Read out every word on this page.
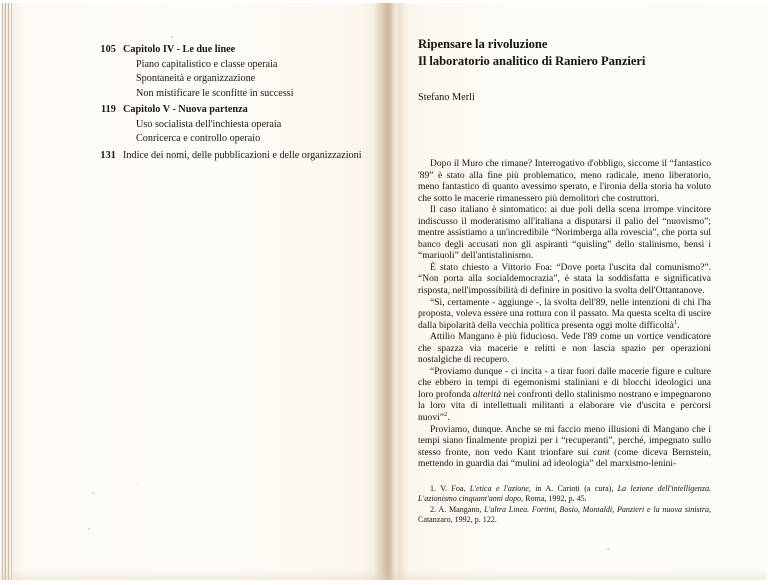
105 Capitolo IV - Le due linee
Piano capitalistico e classe operaia
Spontaneità e organizzazione
Non mistificare le sconfitte in successi
119 Capitolo V - Nuova partenza
Uso socialista dell'inchiesta operaia
Conricerca e controllo operaio
131 Indice dei nomi, delle pubblicazioni e delle organizzazioni
Ripensare la rivoluzione
Il laboratorio analitico di Raniero Panzieri
Stefano Merli

Dopo il Muro che rimane? Interrogativo d'obbligo, siccome il “fantastico '89” è stato alla fine più problematico, meno radicale, meno liberatorio, meno fantastico di quanto avessimo sperato, e l'ironia della storia ha voluto che sotto le macerie rimanessero più demolitori che costruttori.

Il caso italiano è sintomatico: ai due poli della scena irrompe vincitore indiscusso il moderatismo all'italiana a disputarsi il palio del “nuovismo”; mentre assistiamo a un'incredibile “Norimberga alla rovescia”, che porta sul banco degli accusati non gli aspiranti “quisling” dello stalinismo, bensì i “mariuoli” dell'antistalinismo.

È stato chiesto a Vittorio Foa: “Dove porta l'uscita dal comunismo?”. “Non porta alla socialdemocrazia”, è stata la soddisfatta e significativa risposta, nell'impossibilità di definire in positivo la svolta dell'Ottantanove.

“Sì, certamente - aggiunge -, la svolta dell'89, nelle intenzioni di chi l'ha proposta, voleva essere una rottura con il passato. Ma questa scelta di uscire dalla bipolarità della vecchia politica presenta oggi molte difficoltà$^1$.

Attilio Mangano è più fiducioso. Vede l'89 come un vortice vendicatore che spazza via macerie e relitti e non lascia spazio per operazioni nostalgiche di recupero.

“Proviamo dunque - ci incita - a tirar fuori dalle macerie figure e culture che ebbero in tempi di egemonismi staliniani e di blocchi ideologici una loro profonda alterità nei confronti dello stalinismo nostrano e impegnarono la loro vita di intellettuali militanti a elaborare vie d'uscita e percorsi nuovi”$^2$.

Proviamo, dunque. Anche se mi faccio meno illusioni di Mangano che i tempi siano finalmente propizi per i “recuperanti”, perché, impegnato sullo stesso fronte, non vedo Kant trionfare sui cant (come diceva Bernstein, mettendo in guardia dai “mulini ad ideologia” del marxismo-lenini-

1. V. Foa, L'etica e l'azione, in A. Carioti (a cura), La lezione dell'intelligenza. L'azionismo cinquant'anni dopo, Roma, 1992, p. 45.

2. A. Mangano, L'altra Linea. Fortini, Bosio, Montaldi, Panzieri e la nuova sinistra, Catanzaro, 1992, p. 122.
